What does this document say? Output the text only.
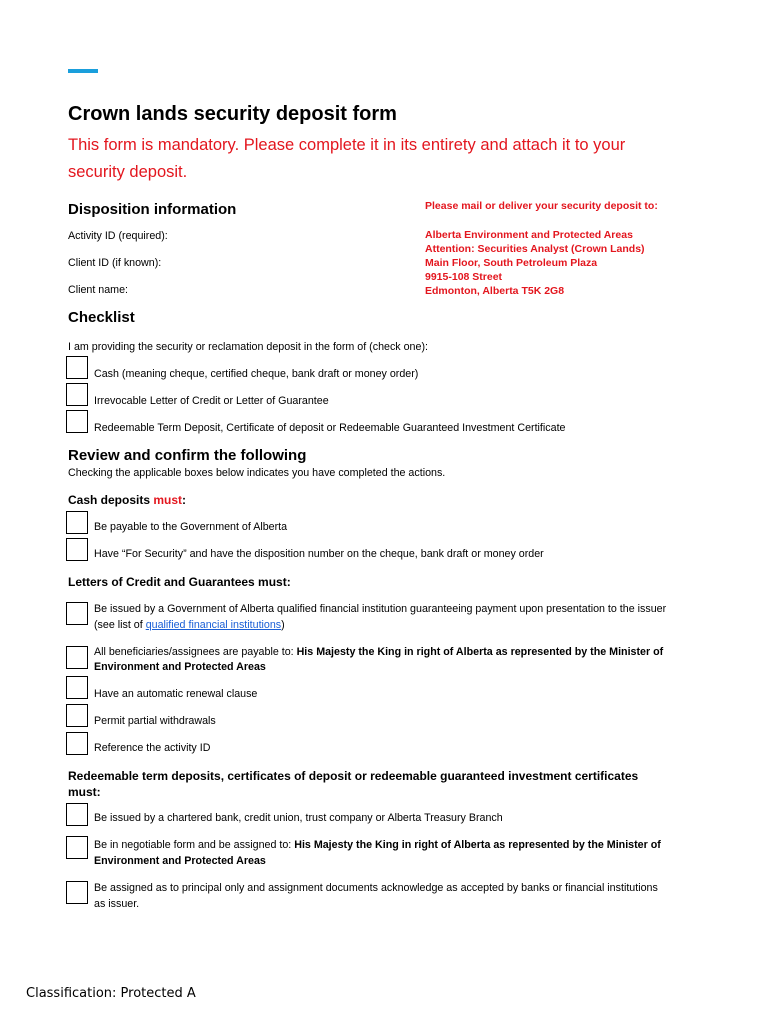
Crown lands security deposit form

This form is mandatory. Please complete it in its entirety and attach it to your
security deposit.

Disposition information
Activity ID (required):
Client ID (if known):
Client name:
Please mail or deliver your security deposit to:
Alberta Environment and Protected Areas
Attention: Securities Analyst (Crown Lands)
Main Floor, South Petroleum Plaza
9915-108 Street
Edmonton, Alberta T5K 2G8
Checklist
I am providing the security or reclamation deposit in the form of (check one):
Cash (meaning cheque, certified cheque, bank draft or money order)
Irrevocable Letter of Credit or Letter of Guarantee
Redeemable Term Deposit, Certificate of deposit or Redeemable Guaranteed Investment Certificate
Review and confirm the following
Checking the applicable boxes below indicates you have completed the actions.
Cash deposits must:
Be payable to the Government of Alberta
Have “For Security” and have the disposition number on the cheque, bank draft or money order
Letters of Credit and Guarantees must:
Be issued by a Government of Alberta qualified financial institution guaranteeing payment upon presentation to the issuer
(see list of qualified financial institutions)
All beneficiaries/assignees are payable to: His Majesty the King in right of Alberta as represented by the Minister of
Environment and Protected Areas
Have an automatic renewal clause
Permit partial withdrawals
Reference the activity ID
Redeemable term deposits, certificates of deposit or redeemable guaranteed investment certificates
must:
Be issued by a chartered bank, credit union, trust company or Alberta Treasury Branch
Be in negotiable form and be assigned to: His Majesty the King in right of Alberta as represented by the Minister of
Environment and Protected Areas
Be assigned as to principal only and assignment documents acknowledge as accepted by banks or financial institutions
as issuer.
Classification: Protected A
